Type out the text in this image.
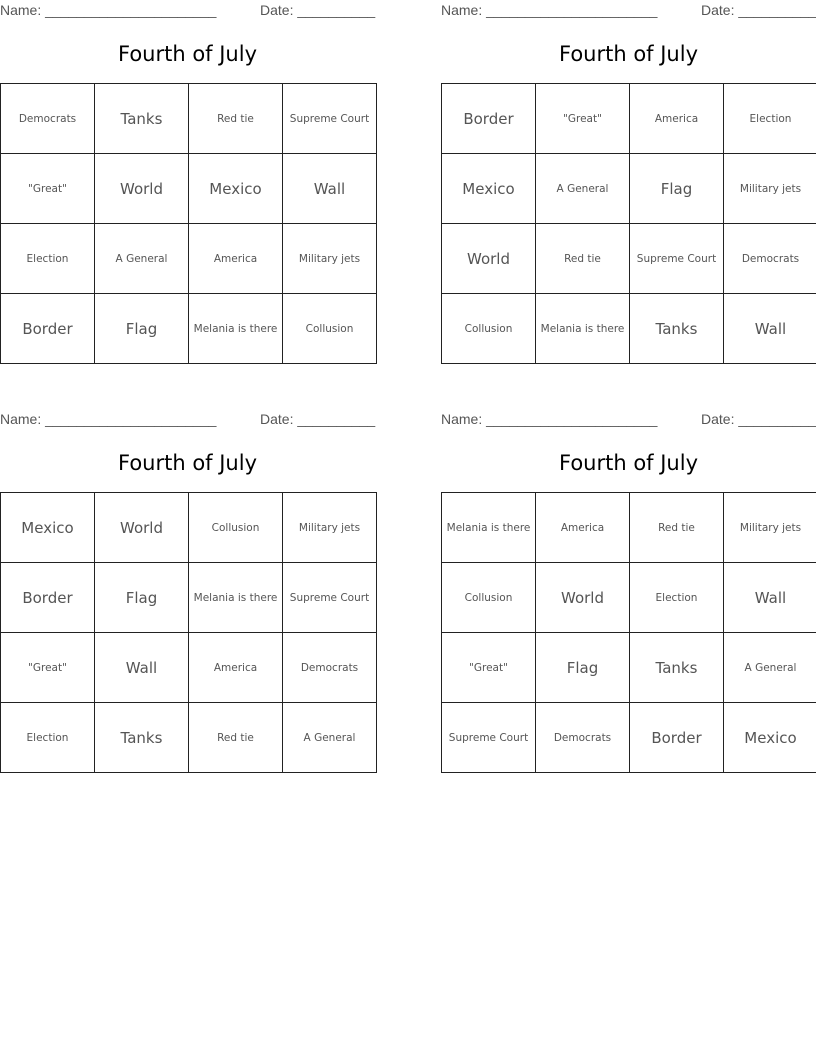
Name: ______________________	Date: __________
Fourth of July
Democrats	Tanks	Red tie	Supreme Court
"Great"	World	Mexico	Wall
Election	A General	America	Military jets
Border	Flag	Melania is there	Collusion
Name: ______________________	Date: __________
Fourth of July
Border	"Great"	America	Election
Mexico	A General	Flag	Military jets
World	Red tie	Supreme Court	Democrats
Collusion	Melania is there	Tanks	Wall
Name: ______________________	Date: __________
Fourth of July
Mexico	World	Collusion	Military jets
Border	Flag	Melania is there	Supreme Court
"Great"	Wall	America	Democrats
Election	Tanks	Red tie	A General
Name: ______________________	Date: __________
Fourth of July
Melania is there	America	Red tie	Military jets
Collusion	World	Election	Wall
"Great"	Flag	Tanks	A General
Supreme Court	Democrats	Border	Mexico
